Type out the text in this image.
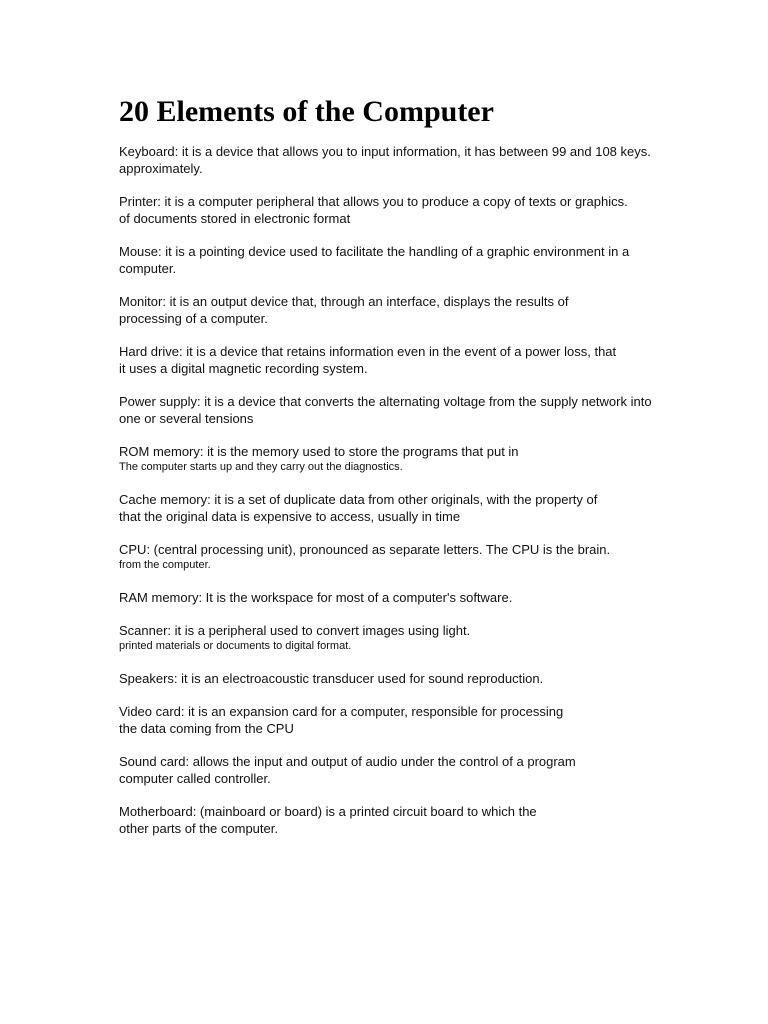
20 Elements of the Computer
Keyboard: it is a device that allows you to input information, it has between 99 and 108 keys.
approximately.
Printer: it is a computer peripheral that allows you to produce a copy of texts or graphics.
of documents stored in electronic format
Mouse: it is a pointing device used to facilitate the handling of a graphic environment in a
computer.
Monitor: it is an output device that, through an interface, displays the results of
processing of a computer.
Hard drive: it is a device that retains information even in the event of a power loss, that
it uses a digital magnetic recording system.
Power supply: it is a device that converts the alternating voltage from the supply network into
one or several tensions
ROM memory: it is the memory used to store the programs that put in
The computer starts up and they carry out the diagnostics.
Cache memory: it is a set of duplicate data from other originals, with the property of
that the original data is expensive to access, usually in time
CPU: (central processing unit), pronounced as separate letters. The CPU is the brain.
from the computer.
RAM memory: It is the workspace for most of a computer's software.
Scanner: it is a peripheral used to convert images using light.
printed materials or documents to digital format.
Speakers: it is an electroacoustic transducer used for sound reproduction.
Video card: it is an expansion card for a computer, responsible for processing
the data coming from the CPU
Sound card: allows the input and output of audio under the control of a program
computer called controller.
Motherboard: (mainboard or board) is a printed circuit board to which the
other parts of the computer.
